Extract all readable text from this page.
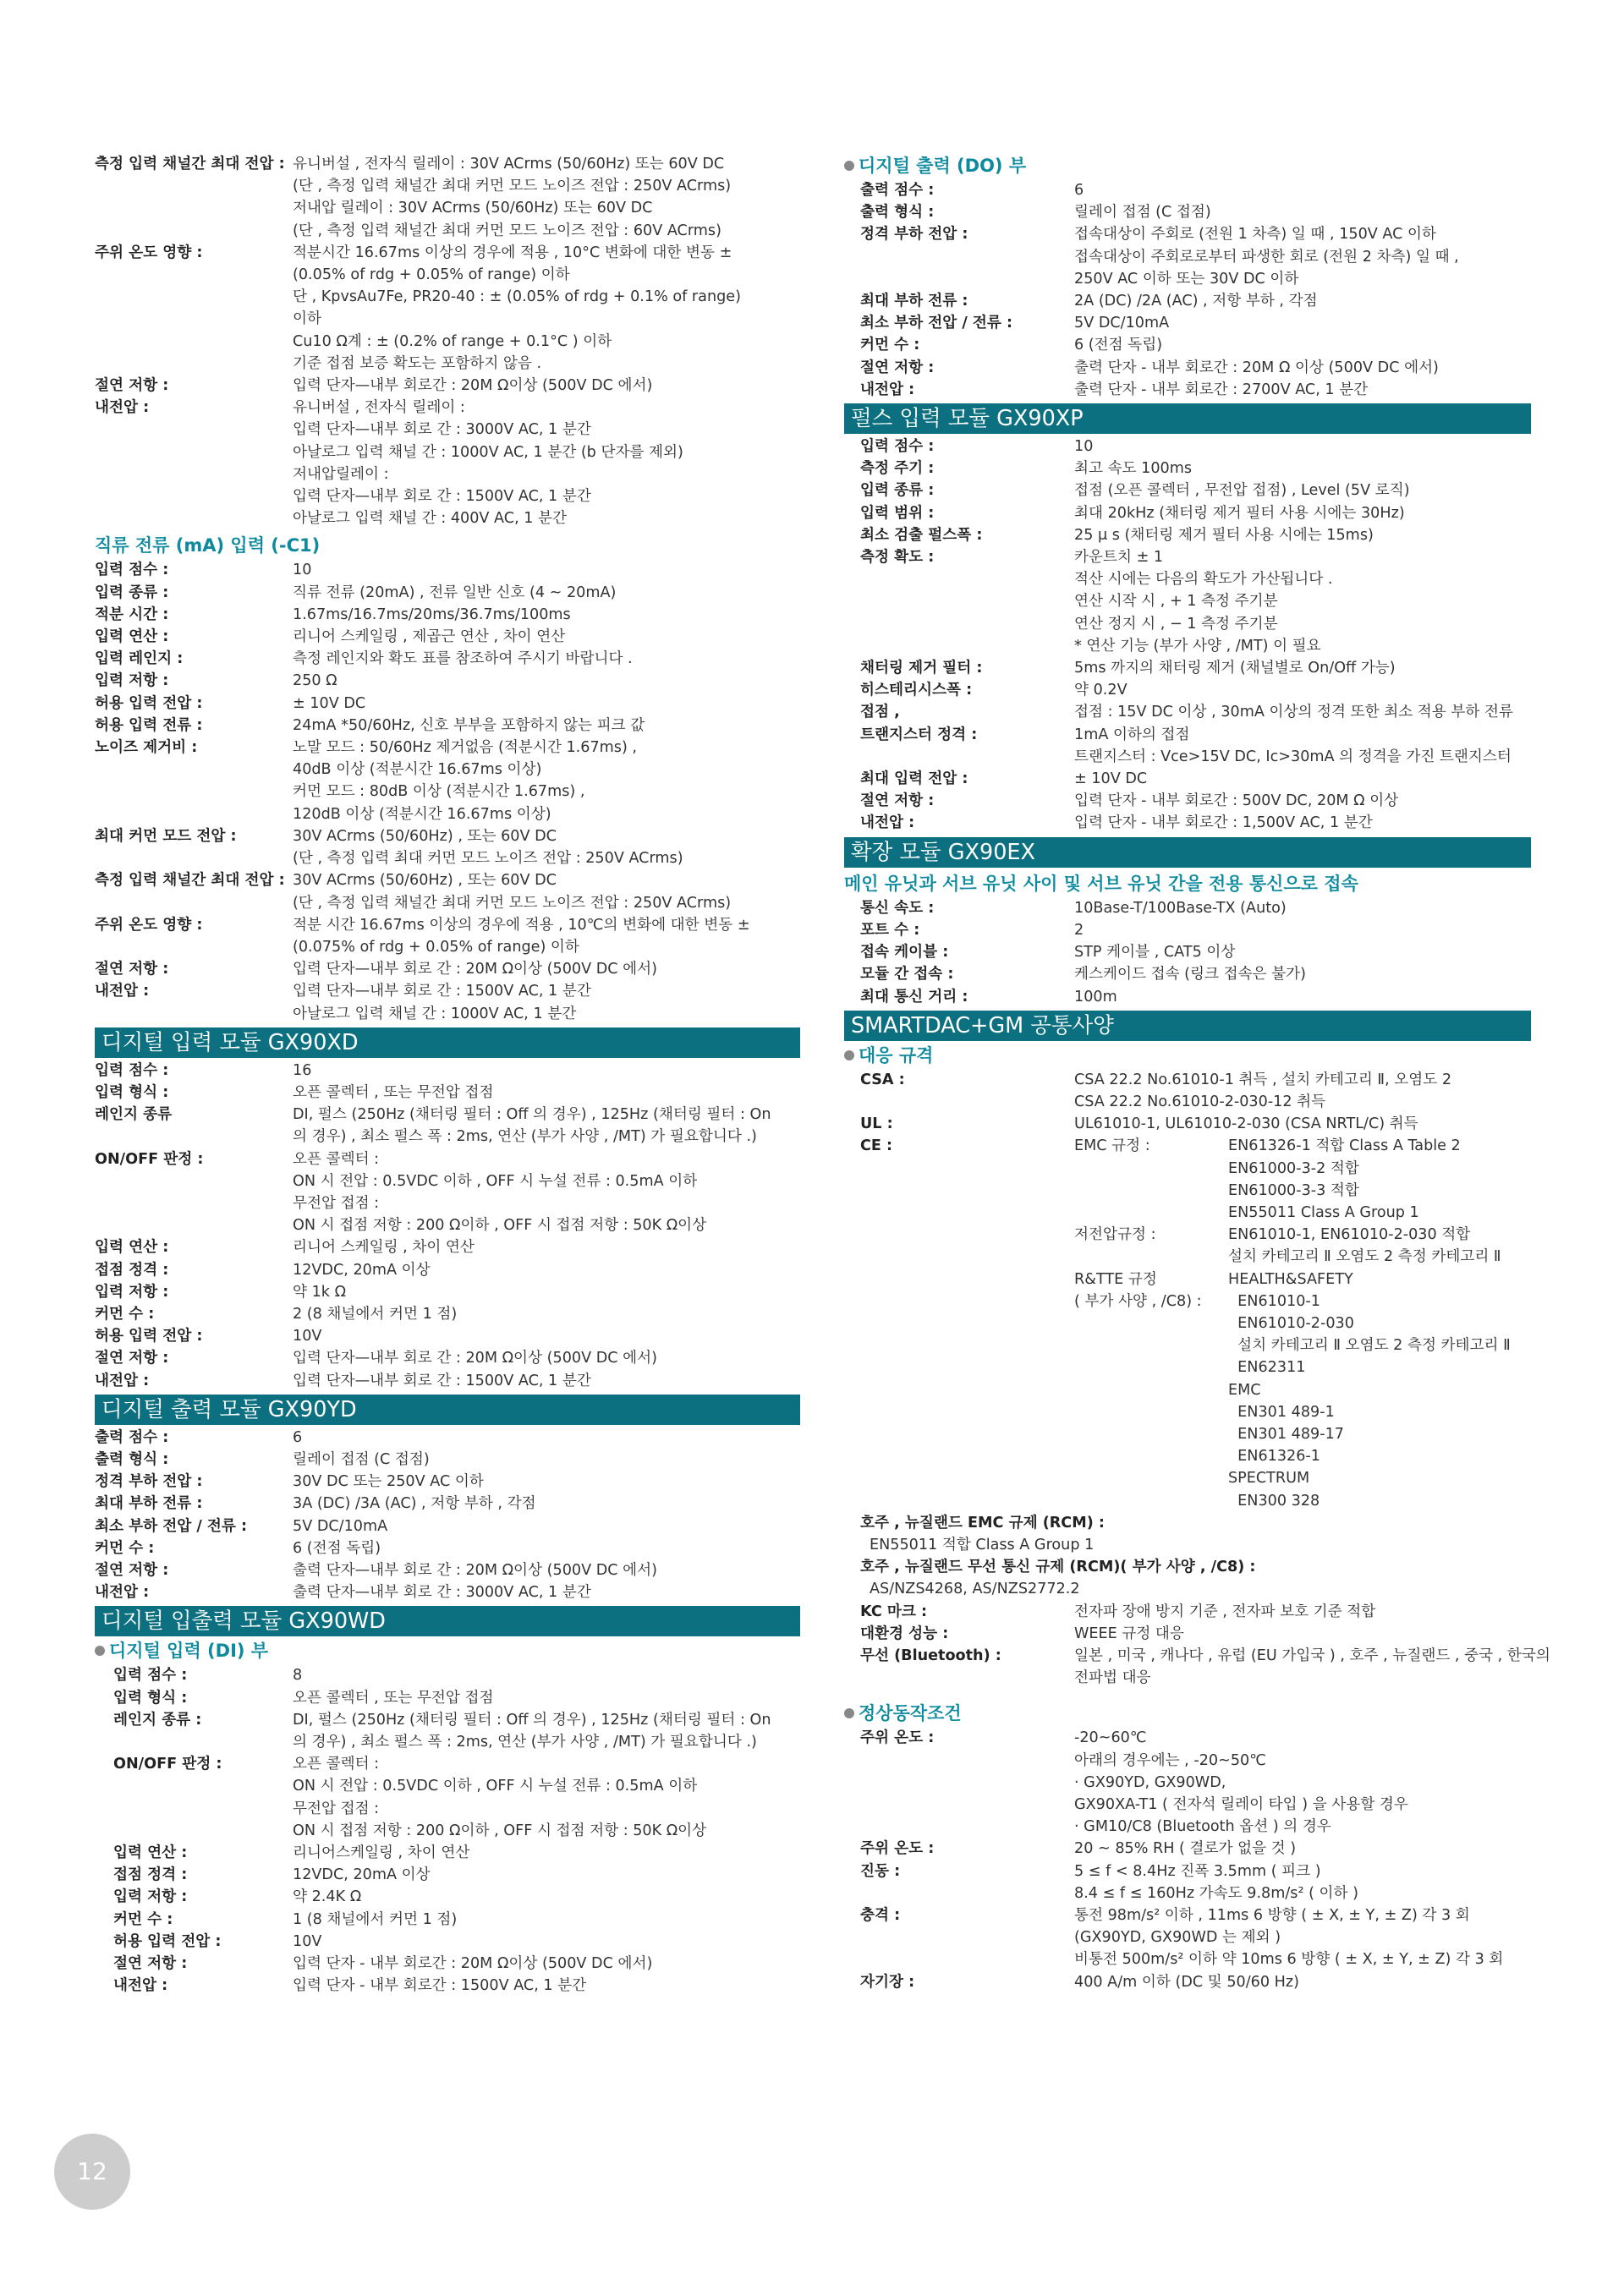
측정 입력 채널간 최대 전압 : 유니버설 , 전자식 릴레이 : 30V ACrms (50/60Hz) 또는 60V DC
(단 , 측정 입력 채널간 최대 커먼 모드 노이즈 전압 : 250V ACrms)
저내압 릴레이 : 30V ACrms (50/60Hz) 또는 60V DC
(단 , 측정 입력 채널간 최대 커먼 모드 노이즈 전압 : 60V ACrms)
주위 온도 영향 :	적분시간 16.67ms 이상의 경우에 적용 , 10°C 변화에 대한 변동 ±
(0.05% of rdg + 0.05% of range) 이하
단 , KpvsAu7Fe, PR20-40 : ± (0.05% of rdg + 0.1% of range)
이하
Cu10 Ω계 : ± (0.2% of range + 0.1°C ) 이하
기준 접점 보증 확도는 포함하지 않음 .
절연 저항 :	입력 단자—내부 회로간 : 20M Ω이상 (500V DC 에서)
내전압 :	유니버설 , 전자식 릴레이 :
입력 단자—내부 회로 간 : 3000V AC, 1 분간
아날로그 입력 채널 간 : 1000V AC, 1 분간 (b 단자를 제외)
저내압릴레이 :
입력 단자—내부 회로 간 : 1500V AC, 1 분간
아날로그 입력 채널 간 : 400V AC, 1 분간
직류 전류 (mA) 입력 (-C1)
입력 점수 :	10
입력 종류 :	직류 전류 (20mA) , 전류 일반 신호 (4 ~ 20mA)
적분 시간 :	1.67ms/16.7ms/20ms/36.7ms/100ms
입력 연산 :	리니어 스케일링 , 제곱근 연산 , 차이 연산
입력 레인지 :	측정 레인지와 확도 표를 참조하여 주시기 바랍니다 .
입력 저항 :	250 Ω
허용 입력 전압 :	± 10V DC
허용 입력 전류 :	24mA *50/60Hz, 신호 부부을 포함하지 않는 피크 값
노이즈 제거비 :	노말 모드 : 50/60Hz 제거없음 (적분시간 1.67ms) ,
40dB 이상 (적분시간 16.67ms 이상)
커먼 모드 : 80dB 이상 (적분시간 1.67ms) ,
120dB 이상 (적분시간 16.67ms 이상)
최대 커먼 모드 전압 :	30V ACrms (50/60Hz) , 또는 60V DC
(단 , 측정 입력 최대 커먼 모드 노이즈 전압 : 250V ACrms)
측정 입력 채널간 최대 전압 : 30V ACrms (50/60Hz) , 또는 60V DC
(단 , 측정 입력 채널간 최대 커먼 모드 노이즈 전압 : 250V ACrms)
주위 온도 영향 :	적분 시간 16.67ms 이상의 경우에 적용 , 10℃의 변화에 대한 변동 ±
(0.075% of rdg + 0.05% of range) 이하
절연 저항 :	입력 단자—내부 회로 간 : 20M Ω이상 (500V DC 에서)
내전압 :	입력 단자—내부 회로 간 : 1500V AC, 1 분간
아날로그 입력 채널 간 : 1000V AC, 1 분간
디지털 입력 모듈 GX90XD
입력 점수 :	16
입력 형식 :	오픈 콜렉터 , 또는 무전압 접점
레인지 종류	DI, 펄스 (250Hz (채터링 필터 : Off 의 경우) , 125Hz (채터링 필터 : On
의 경우) , 최소 펄스 폭 : 2ms, 연산 (부가 사양 , /MT) 가 필요합니다 .)
ON/OFF 판정 :	오픈 콜렉터 :
ON 시 전압 : 0.5VDC 이하 , OFF 시 누설 전류 : 0.5mA 이하
무전압 접점 :
ON 시 접점 저항 : 200 Ω이하 , OFF 시 접점 저항 : 50K Ω이상
입력 연산 :	리니어 스케일링 , 차이 연산
접점 정격 :	12VDC, 20mA 이상
입력 저항 :	약 1k Ω
커먼 수 :	2 (8 채널에서 커먼 1 점)
허용 입력 전압 :	10V
절연 저항 :	입력 단자—내부 회로 간 : 20M Ω이상 (500V DC 에서)
내전압 :	입력 단자—내부 회로 간 : 1500V AC, 1 분간
디지털 출력 모듈 GX90YD
출력 점수 :	6
출력 형식 :	릴레이 접점 (C 접점)
정격 부하 전압 :	30V DC 또는 250V AC 이하
최대 부하 전류 :	3A (DC) /3A (AC) , 저항 부하 , 각점
최소 부하 전압 / 전류 :	5V DC/10mA
커먼 수 :	6 (전점 독립)
절연 저항 :	출력 단자—내부 회로 간 : 20M Ω이상 (500V DC 에서)
내전압 :	출력 단자—내부 회로 간 : 3000V AC, 1 분간
디지털 입출력 모듈 GX90WD
디지털 입력 (DI) 부
입력 점수 :	8
입력 형식 :	오픈 콜렉터 , 또는 무전압 접점
레인지 종류 :	DI, 펄스 (250Hz (채터링 필터 : Off 의 경우) , 125Hz (채터링 필터 : On
의 경우) , 최소 펄스 폭 : 2ms, 연산 (부가 사양 , /MT) 가 필요합니다 .)
ON/OFF 판정 :	오픈 콜렉터 :
ON 시 전압 : 0.5VDC 이하 , OFF 시 누설 전류 : 0.5mA 이하
무전압 접점 :
ON 시 접점 저항 : 200 Ω이하 , OFF 시 접점 저항 : 50K Ω이상
입력 연산 :	리니어스케일링 , 차이 연산
접점 정격 :	12VDC, 20mA 이상
입력 저항 :	약 2.4K Ω
커먼 수 :	1 (8 채널에서 커먼 1 점)
허용 입력 전압 :	10V
절연 저항 :	입력 단자 - 내부 회로간 : 20M Ω이상 (500V DC 에서)
내전압 :	입력 단자 - 내부 회로간 : 1500V AC, 1 분간
디지털 출력 (DO) 부
출력 점수 :	6
출력 형식 :	릴레이 접점 (C 접점)
정격 부하 전압 :	접속대상이 주회로 (전원 1 차측) 일 때 , 150V AC 이하
접속대상이 주회로로부터 파생한 회로 (전원 2 차측) 일 때 ,
250V AC 이하 또는 30V DC 이하
최대 부하 전류 :	2A (DC) /2A (AC) , 저항 부하 , 각점
최소 부하 전압 / 전류 :	5V DC/10mA
커먼 수 :	6 (전점 독립)
절연 저항 :	출력 단자 - 내부 회로간 : 20M Ω 이상 (500V DC 에서)
내전압 :	출력 단자 - 내부 회로간 : 2700V AC, 1 분간
펄스 입력 모듈 GX90XP
입력 점수 :	10
측정 주기 :	최고 속도 100ms
입력 종류 :	접점 (오픈 콜렉터 , 무전압 접점) , Level (5V 로직)
입력 범위 :	최대 20kHz (채터링 제거 필터 사용 시에는 30Hz)
최소 검출 펄스폭 :	25 μ s (채터링 제거 필터 사용 시에는 15ms)
측정 확도 :	카운트치 ± 1
적산 시에는 다음의 확도가 가산됩니다 .
연산 시작 시 , + 1 측정 주기분
연산 정지 시 , − 1 측정 주기분
* 연산 기능 (부가 사양 , /MT) 이 필요
채터링 제거 필터 :	5ms 까지의 채터링 제거 (채널별로 On/Off 가능)
히스테리시스폭 :	약 0.2V
접점 ,	접점 : 15V DC 이상 , 30mA 이상의 정격 또한 최소 적용 부하 전류
트랜지스터 정격 :	1mA 이하의 접점
트랜지스터 : Vce>15V DC, Ic>30mA 의 정격을 가진 트랜지스터
최대 입력 전압 :	± 10V DC
절연 저항 :	입력 단자 - 내부 회로간 : 500V DC, 20M Ω 이상
내전압 :	입력 단자 - 내부 회로간 : 1,500V AC, 1 분간
확장 모듈 GX90EX
메인 유닛과 서브 유닛 사이 및 서브 유닛 간을 전용 통신으로 접속
통신 속도 :	10Base-T/100Base-TX (Auto)
포트 수 :	2
접속 케이블 :	STP 케이블 , CAT5 이상
모듈 간 접속 :	케스케이드 접속 (링크 접속은 불가)
최대 통신 거리 :	100m
SMARTDAC+GM 공통사양
대응 규격
CSA :	CSA 22.2 No.61010-1 취득 , 설치 카테고리 Ⅱ, 오염도 2
CSA 22.2 No.61010-2-030-12 취득
UL :	UL61010-1, UL61010-2-030 (CSA NRTL/C) 취득
CE :	EMC 규정 :	EN61326-1 적합 Class A Table 2
EN61000-3-2 적합
EN61000-3-3 적합
EN55011 Class A Group 1
저전압규정 :	EN61010-1, EN61010-2-030 적합
설치 카테고리 Ⅱ 오염도 2 측정 카테고리 Ⅱ
R&TTE 규정	HEALTH&SAFETY
( 부가 사양 , /C8) :	EN61010-1
EN61010-2-030
설치 카테고리 Ⅱ 오염도 2 측정 카테고리 Ⅱ
EN62311
EMC
EN301 489-1
EN301 489-17
EN61326-1
SPECTRUM
EN300 328
호주 , 뉴질랜드 EMC 규제 (RCM) :
EN55011 적합 Class A Group 1
호주 , 뉴질랜드 무선 통신 규제 (RCM)( 부가 사양 , /C8) :
AS/NZS4268, AS/NZS2772.2
KC 마크 :	전자파 장애 방지 기준 , 전자파 보호 기준 적합
대환경 성능 :	WEEE 규정 대응
무선 (Bluetooth) :	일본 , 미국 , 캐나다 , 유럽 (EU 가입국 ) , 호주 , 뉴질랜드 , 중국 , 한국의
전파법 대응
정상동작조건
주위 온도 :	-20~60℃
아래의 경우에는 , -20~50℃
· GX90YD, GX90WD,
GX90XA-T1 ( 전자석 릴레이 타입 ) 을 사용할 경우
· GM10/C8 (Bluetooth 옵션 ) 의 경우
주위 온도 :	20 ~ 85% RH ( 결로가 없을 것 )
진동 :	5 ≤ f < 8.4Hz 진폭 3.5mm ( 피크 )
8.4 ≤ f ≤ 160Hz 가속도 9.8m/s² ( 이하 )
충격 :	통전 98m/s² 이하 , 11ms 6 방향 ( ± X, ± Y, ± Z) 각 3 회
(GX90YD, GX90WD 는 제외 )
비통전 500m/s² 이하 약 10ms 6 방향 ( ± X, ± Y, ± Z) 각 3 회
자기장 :	400 A/m 이하 (DC 및 50/60 Hz)
12
